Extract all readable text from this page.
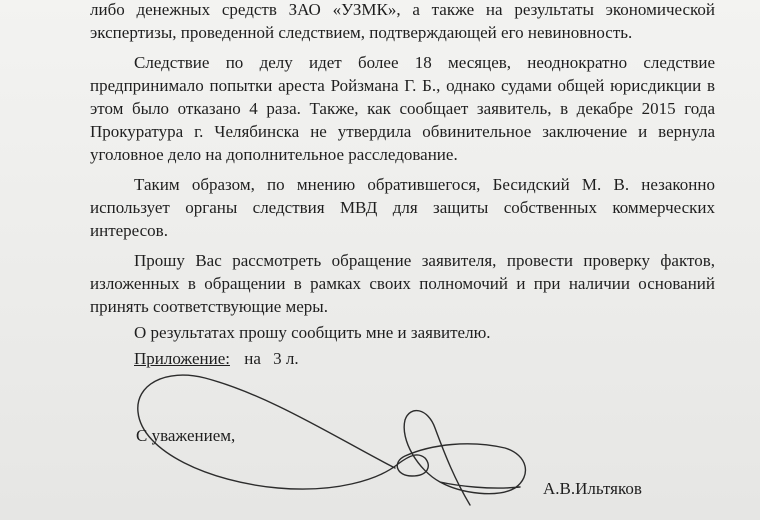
либо денежных средств ЗАО «УЗМК», а также на результаты экономической экспертизы, проведенной следствием, подтверждающей его невиновность.

Следствие по делу идет более 18 месяцев, неоднократно следствие предпринимало попытки ареста Ройзмана Г. Б., однако судами общей юрисдикции в этом было отказано 4 раза. Также, как сообщает заявитель, в декабре 2015 года Прокуратура г. Челябинска не утвердила обвинительное заключение и вернула уголовное дело на дополнительное расследование.

Таким образом, по мнению обратившегося, Бесидский М. В. незаконно использует органы следствия МВД для защиты собственных коммерческих интересов.

Прошу Вас рассмотреть обращение заявителя, провести проверку фактов, изложенных в обращении в рамках своих полномочий и при наличии оснований принять соответствующие меры.

О результатах прошу сообщить мне и заявителю.

Приложение: на 3 л.

С уважением,
А.В.Ильтяков
